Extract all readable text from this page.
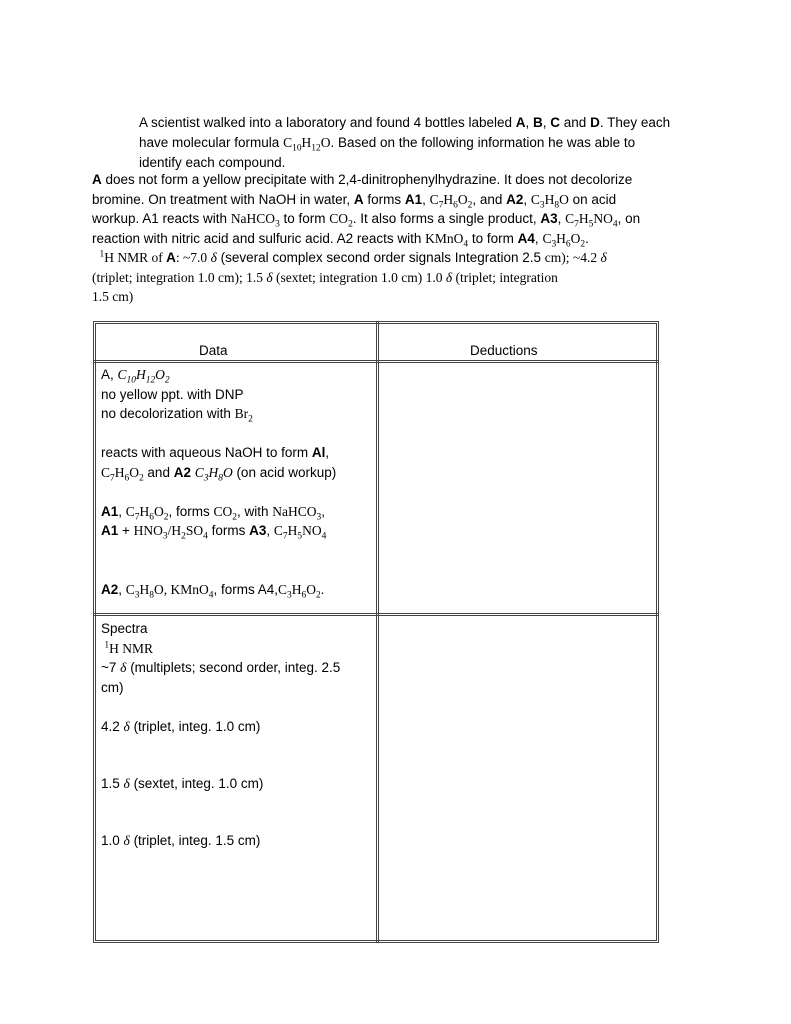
A scientist walked into a laboratory and found 4 bottles labeled A, B, C and D. They each
have molecular formula $C_{10}H_{12}O$. Based on the following information he was able to
identify each compound.
A does not form a yellow precipitate with 2,4-dinitrophenylhydrazine. It does not decolorize
bromine. On treatment with NaOH in water, A forms A1, $C_7H_6O_2$, and A2, $C_3H_8O$ on acid
workup. A1 reacts with NaHCO$_3$ to form $CO_2$. It also forms a single product, A3, $C_7H_5NO_4$, on
reaction with nitric acid and sulfuric acid. A2 reacts with KMnO$_4$ to form A4, $C_3H_6O_2$.
$^1$H NMR of A: ~7.0 δ (several complex second order signals Integration 2.5 cm); ~4.2 δ
(triplet; integration 1.0 cm); 1.5 δ (sextet; integration 1.0 cm) 1.0 δ (triplet; integration
1.5 cm)
Data	Deductions
A, $C_{10}H_{12}O_2$
no yellow ppt. with DNP
no decolorization with $Br_2$
reacts with aqueous NaOH to form Al,
$C_7H_6O_2$ and A2 $C_3H_8O$ (on acid workup)
A1, $C_7H_6O_2$, forms $CO_2$, with NaHCO$_3$,
$A1 + HNO_3/H_2SO_4$ forms A3, $C_7H_5NO_4$
A2, $C_3H_8O$, KMnO$_4$, forms $A4,C_3H_6O_2$.
Spectra
$^1$H NMR
~7 δ (multiplets; second order, integ. 2.5
cm)
4.2 δ (triplet, integ. 1.0 cm)
1.5 δ (sextet, integ. 1.0 cm)
1.0 δ (triplet, integ. 1.5 cm)
